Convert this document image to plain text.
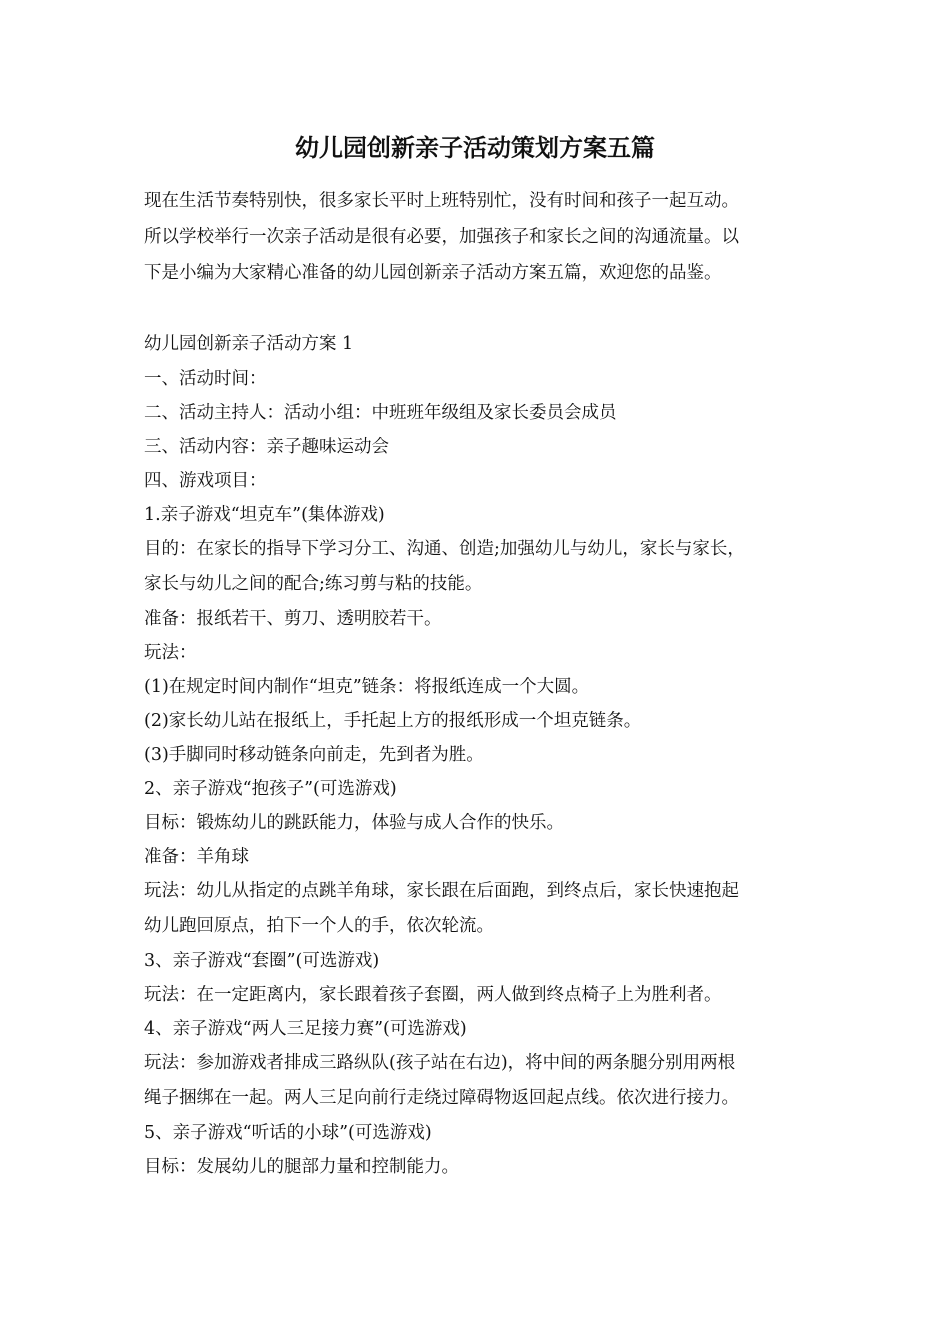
幼儿园创新亲子活动策划方案五篇
现在生活节奏特别快，很多家长平时上班特别忙，没有时间和孩子一起互动。
所以学校举行一次亲子活动是很有必要，加强孩子和家长之间的沟通流量。以
下是小编为大家精心准备的幼儿园创新亲子活动方案五篇，欢迎您的品鉴。
幼儿园创新亲子活动方案 1
一、活动时间：
二、活动主持人：活动小组：中班班年级组及家长委员会成员
三、活动内容：亲子趣味运动会
四、游戏项目：
1.亲子游戏“坦克车”(集体游戏)
目的：在家长的指导下学习分工、沟通、创造;加强幼儿与幼儿，家长与家长，
家长与幼儿之间的配合;练习剪与粘的技能。
准备：报纸若干、剪刀、透明胶若干。
玩法：
(1)在规定时间内制作“坦克”链条：将报纸连成一个大圆。
(2)家长幼儿站在报纸上，手托起上方的报纸形成一个坦克链条。
(3)手脚同时移动链条向前走，先到者为胜。
2、亲子游戏“抱孩子”(可选游戏)
目标：锻炼幼儿的跳跃能力，体验与成人合作的快乐。
准备：羊角球
玩法：幼儿从指定的点跳羊角球，家长跟在后面跑，到终点后，家长快速抱起
幼儿跑回原点，拍下一个人的手，依次轮流。
3、亲子游戏“套圈”(可选游戏)
玩法：在一定距离内，家长跟着孩子套圈，两人做到终点椅子上为胜利者。
4、亲子游戏“两人三足接力赛”(可选游戏)
玩法：参加游戏者排成三路纵队(孩子站在右边)，将中间的两条腿分别用两根
绳子捆绑在一起。两人三足向前行走绕过障碍物返回起点线。依次进行接力。
5、亲子游戏“听话的小球”(可选游戏)
目标：发展幼儿的腿部力量和控制能力。
